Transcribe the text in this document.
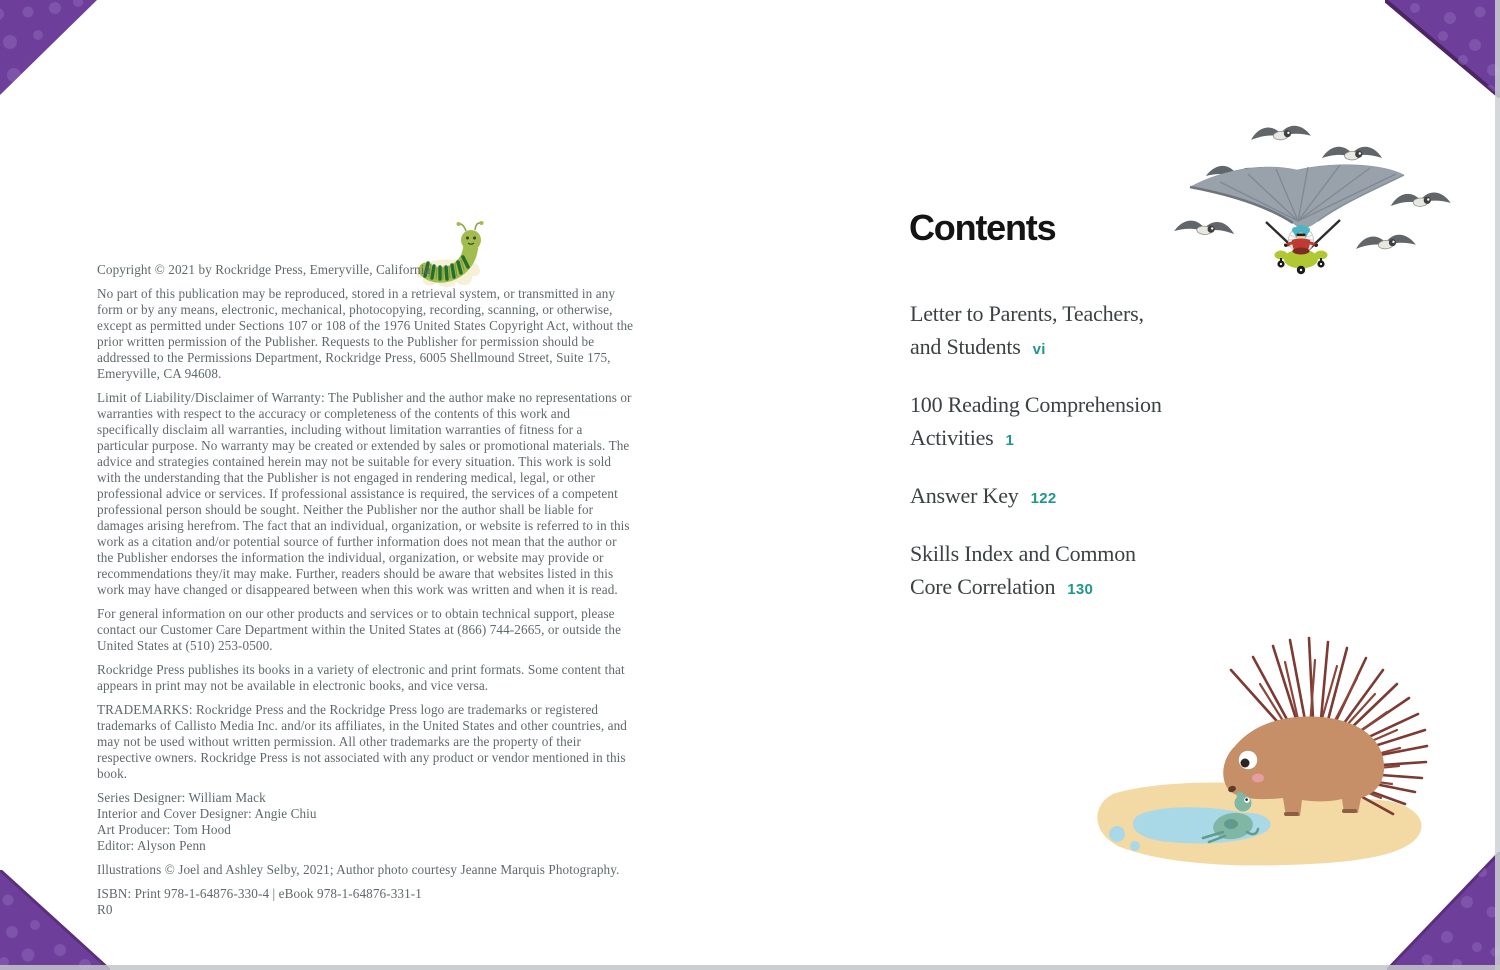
Copyright © 2021 by Rockridge Press, Emeryville, California

No part of this publication may be reproduced, stored in a retrieval system, or transmitted in any form or by any means, electronic, mechanical, photocopying, recording, scanning, or otherwise, except as permitted under Sections 107 or 108 of the 1976 United States Copyright Act, without the prior written permission of the Publisher. Requests to the Publisher for permission should be addressed to the Permissions Department, Rockridge Press, 6005 Shellmound Street, Suite 175, Emeryville, CA 94608.

Limit of Liability/Disclaimer of Warranty: The Publisher and the author make no representations or warranties with respect to the accuracy or completeness of the contents of this work and specifically disclaim all warranties, including without limitation warranties of fitness for a particular purpose. No warranty may be created or extended by sales or promotional materials. The advice and strategies contained herein may not be suitable for every situation. This work is sold with the understanding that the Publisher is not engaged in rendering medical, legal, or other professional advice or services. If professional assistance is required, the services of a competent professional person should be sought. Neither the Publisher nor the author shall be liable for damages arising herefrom. The fact that an individual, organization, or website is referred to in this work as a citation and/or potential source of further information does not mean that the author or the Publisher endorses the information the individual, organization, or website may provide or recommendations they/it may make. Further, readers should be aware that websites listed in this work may have changed or disappeared between when this work was written and when it is read.

For general information on our other products and services or to obtain technical support, please contact our Customer Care Department within the United States at (866) 744-2665, or outside the United States at (510) 253-0500.

Rockridge Press publishes its books in a variety of electronic and print formats. Some content that appears in print may not be available in electronic books, and vice versa.

TRADEMARKS: Rockridge Press and the Rockridge Press logo are trademarks or registered trademarks of Callisto Media Inc. and/or its affiliates, in the United States and other countries, and may not be used without written permission. All other trademarks are the property of their respective owners. Rockridge Press is not associated with any product or vendor mentioned in this book.

Series Designer: William Mack
Interior and Cover Designer: Angie Chiu
Art Producer: Tom Hood
Editor: Alyson Penn

Illustrations © Joel and Ashley Selby, 2021; Author photo courtesy Jeanne Marquis Photography.

ISBN: Print 978-1-64876-330-4 | eBook 978-1-64876-331-1
R0
Contents
Letter to Parents, Teachers,
and Students vi
100 Reading Comprehension
Activities 1
Answer Key 122
Skills Index and Common
Core Correlation 130
